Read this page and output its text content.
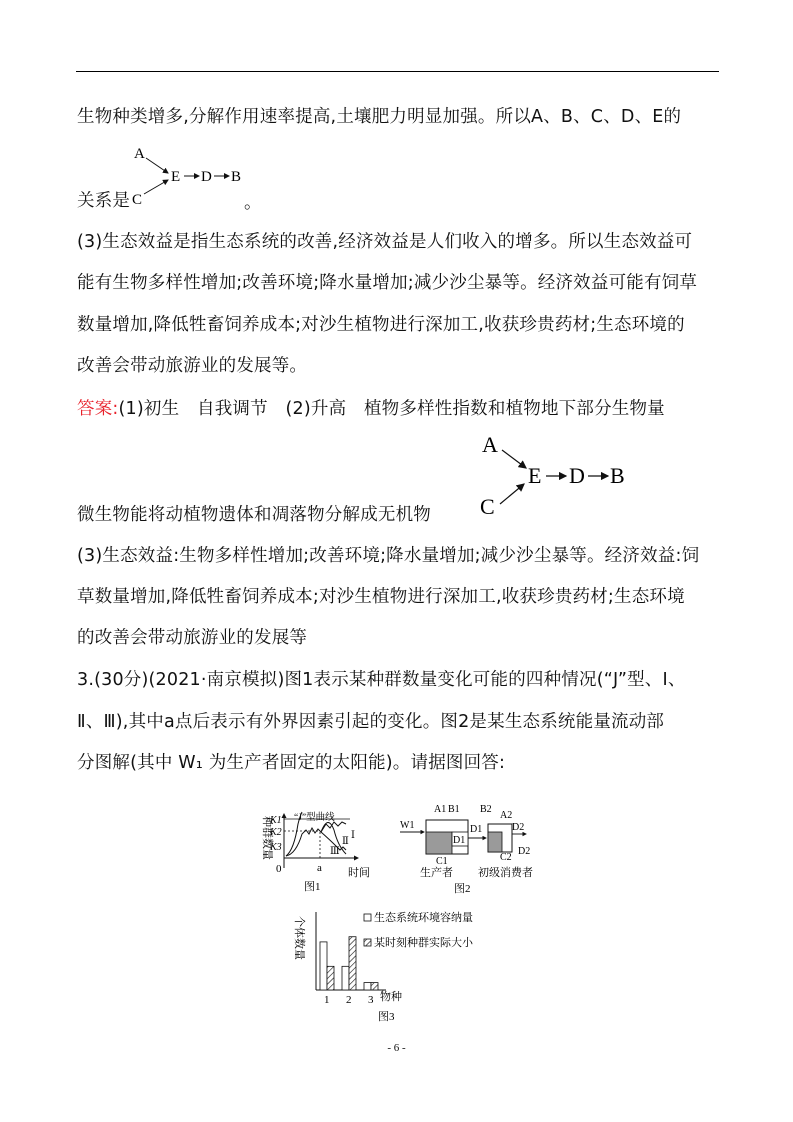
生物种类增多,分解作用速率提高,土壤肥力明显加强。所以A、B、C、D、E的
A
C
E D B
关系是	。
(3)生态效益是指生态系统的改善,经济效益是人们收入的增多。所以生态效益可
能有生物多样性增加;改善环境;降水量增加;减少沙尘暴等。经济效益可能有饲草
数量增加,降低牲畜饲养成本;对沙生植物进行深加工,收获珍贵药材;生态环境的
改善会带动旅游业的发展等。
答案:(1)初生　自我调节　(2)升高　植物多样性指数和植物地下部分生物量
A
C
E D B
微生物能将动植物遗体和凋落物分解成无机物
(3)生态效益:生物多样性增加;改善环境;降水量增加;减少沙尘暴等。经济效益:饲
草数量增加,降低牲畜饲养成本;对沙生植物进行深加工,收获珍贵药材;生态环境
的改善会带动旅游业的发展等
3.(30分)(2021·南京模拟)图1表示某种群数量变化可能的四种情况(“J”型、Ⅰ、
Ⅱ、Ⅲ),其中a点后表示有外界因素引起的变化。图2是某生态系统能量流动部
分图解(其中 W₁ 为生产者固定的太阳能)。请据图回答:
种群数量
0
K1
K2
K3
“J”型曲线
Ⅰ
Ⅱ
Ⅲ
a 时间
图1
W1
A1 B1
D1
C1
D1
B2
A2
D2
C2
D2
生产者 初级消费者
图2
个体数量
1 2 3 物种
图3
生态系统环境容纳量
某时刻种群实际大小
- 6 -
